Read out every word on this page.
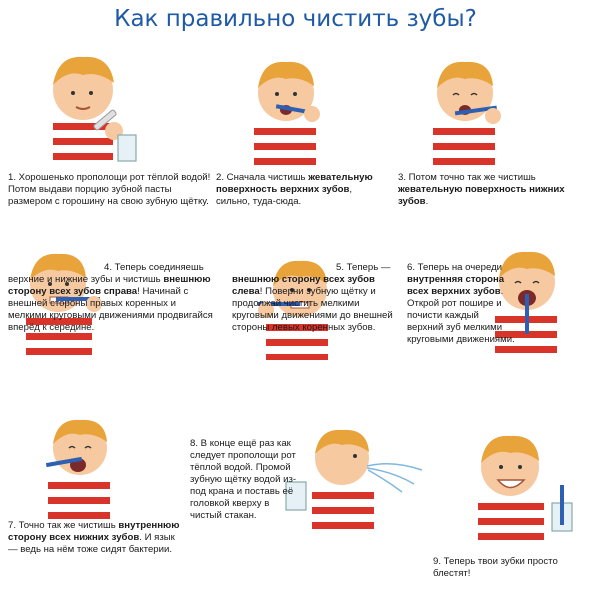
Как правильно чистить зубы?
1. Хорошенько прополощи рот тёплой водой! Потом выдави порцию зубной пасты размером с горошину на свою зубную щётку.
2. Сначала чистишь жевательную поверхность верхних зубов, сильно, туда-сюда.
3. Потом точно так же чистишь жевательную поверхность нижних зубов.
4. Теперь соединяешь верхние и нижние зубы и чистишь внешнюю сторону всех зубов справа! Начинай с внешней стороны правых коренных и мелкими круговыми движениями продвигайся вперёд к середине.
5. Теперь — внешнюю сторону всех зубов слева! Поверни зубную щётку и продолжай чистить мелкими круговыми движениями до внешней стороны левых коренных зубов.
6. Теперь на очереди внутренняя сторона всех верхних зубов. Открой рот пошире и почисти каждый верхний зуб мелкими круговыми движениями.
7. Точно так же чистишь внутреннюю сторону всех нижних зубов. И язык — ведь на нём тоже сидят бактерии.
8. В конце ещё раз как следует прополощи рот тёплой водой. Промой зубную щётку водой из-под крана и поставь её головкой кверху в чистый стакан.
9. Теперь твои зубки просто блестят!
